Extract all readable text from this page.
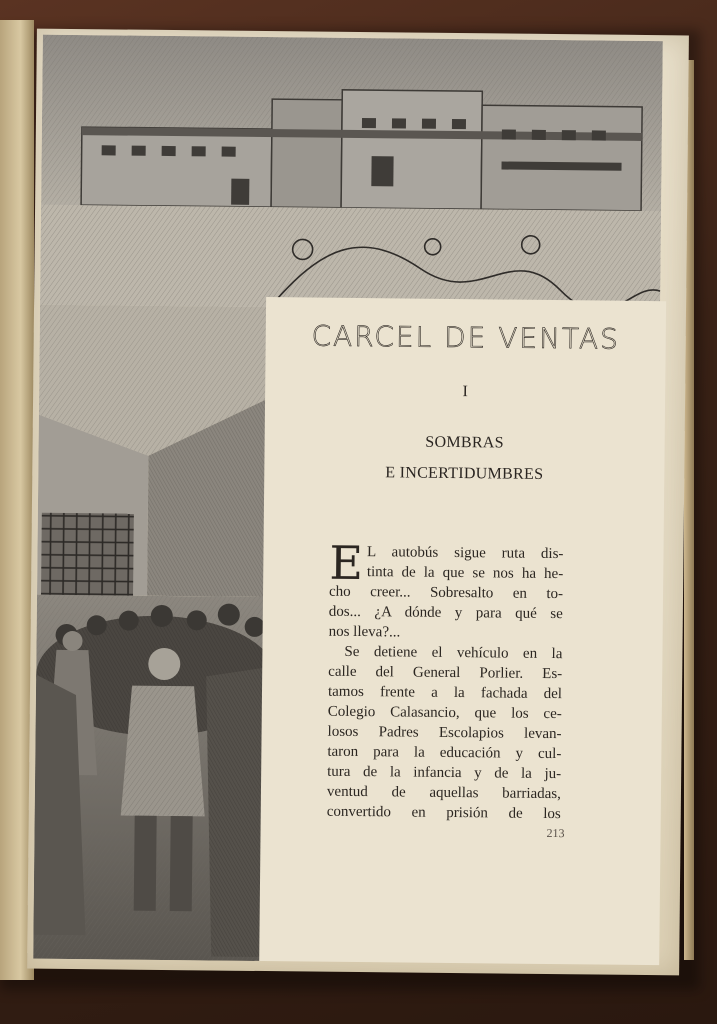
CARCEL DE VENTAS
I
SOMBRAS
E INCERTIDUMBRES
E L autobús sigue ruta dis-
tinta de la que se nos ha he-
cho creer... Sobresalto en to-
dos... ¿A dónde y para qué se
nos lleva?...
Se detiene el vehículo en la
calle del General Porlier. Es-
tamos frente a la fachada del
Colegio Calasancio, que los ce-
losos Padres Escolapios levan-
taron para la educación y cul-
tura de la infancia y de la ju-
ventud de aquellas barriadas,
convertido en prisión de los
213
